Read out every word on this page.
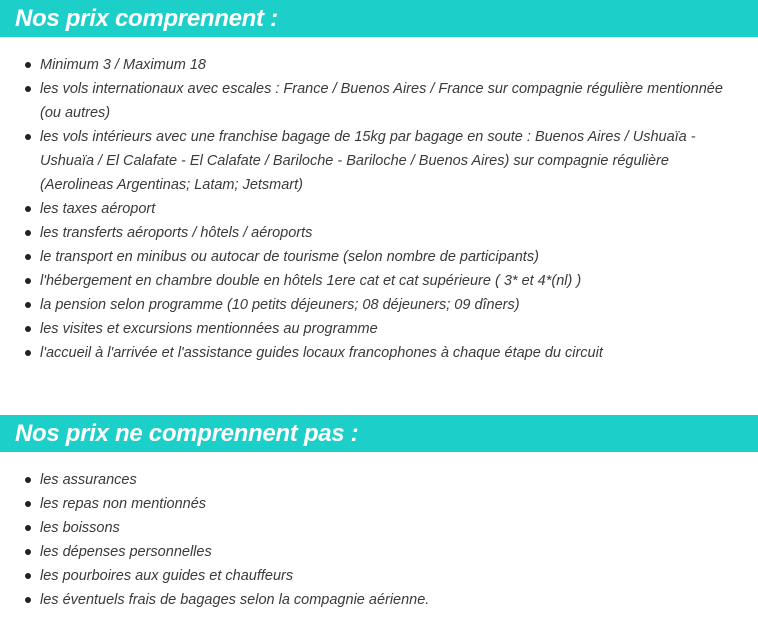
Nos prix comprennent :
Minimum 3 / Maximum 18
les vols internationaux avec escales : France / Buenos Aires / France sur compagnie régulière mentionnée (ou autres)
les vols intérieurs avec une franchise bagage de 15kg par bagage en soute : Buenos Aires / Ushuaïa - Ushuaïa / El Calafate - El Calafate / Bariloche - Bariloche / Buenos Aires) sur compagnie régulière (Aerolineas Argentinas; Latam; Jetsmart)
les taxes aéroport
les transferts aéroports / hôtels / aéroports
le transport en minibus ou autocar de tourisme (selon nombre de participants)
l'hébergement en chambre double en hôtels 1ere cat et cat supérieure ( 3* et 4*(nl) )
la pension selon programme (10 petits déjeuners; 08 déjeuners; 09 dîners)
les visites et excursions mentionnées au programme
l'accueil à l'arrivée et l'assistance guides locaux francophones à chaque étape du circuit
Nos prix ne comprennent pas :
les assurances
les repas non mentionnés
les boissons
les dépenses personnelles
les pourboires aux guides et chauffeurs
les éventuels frais de bagages selon la compagnie aérienne.
